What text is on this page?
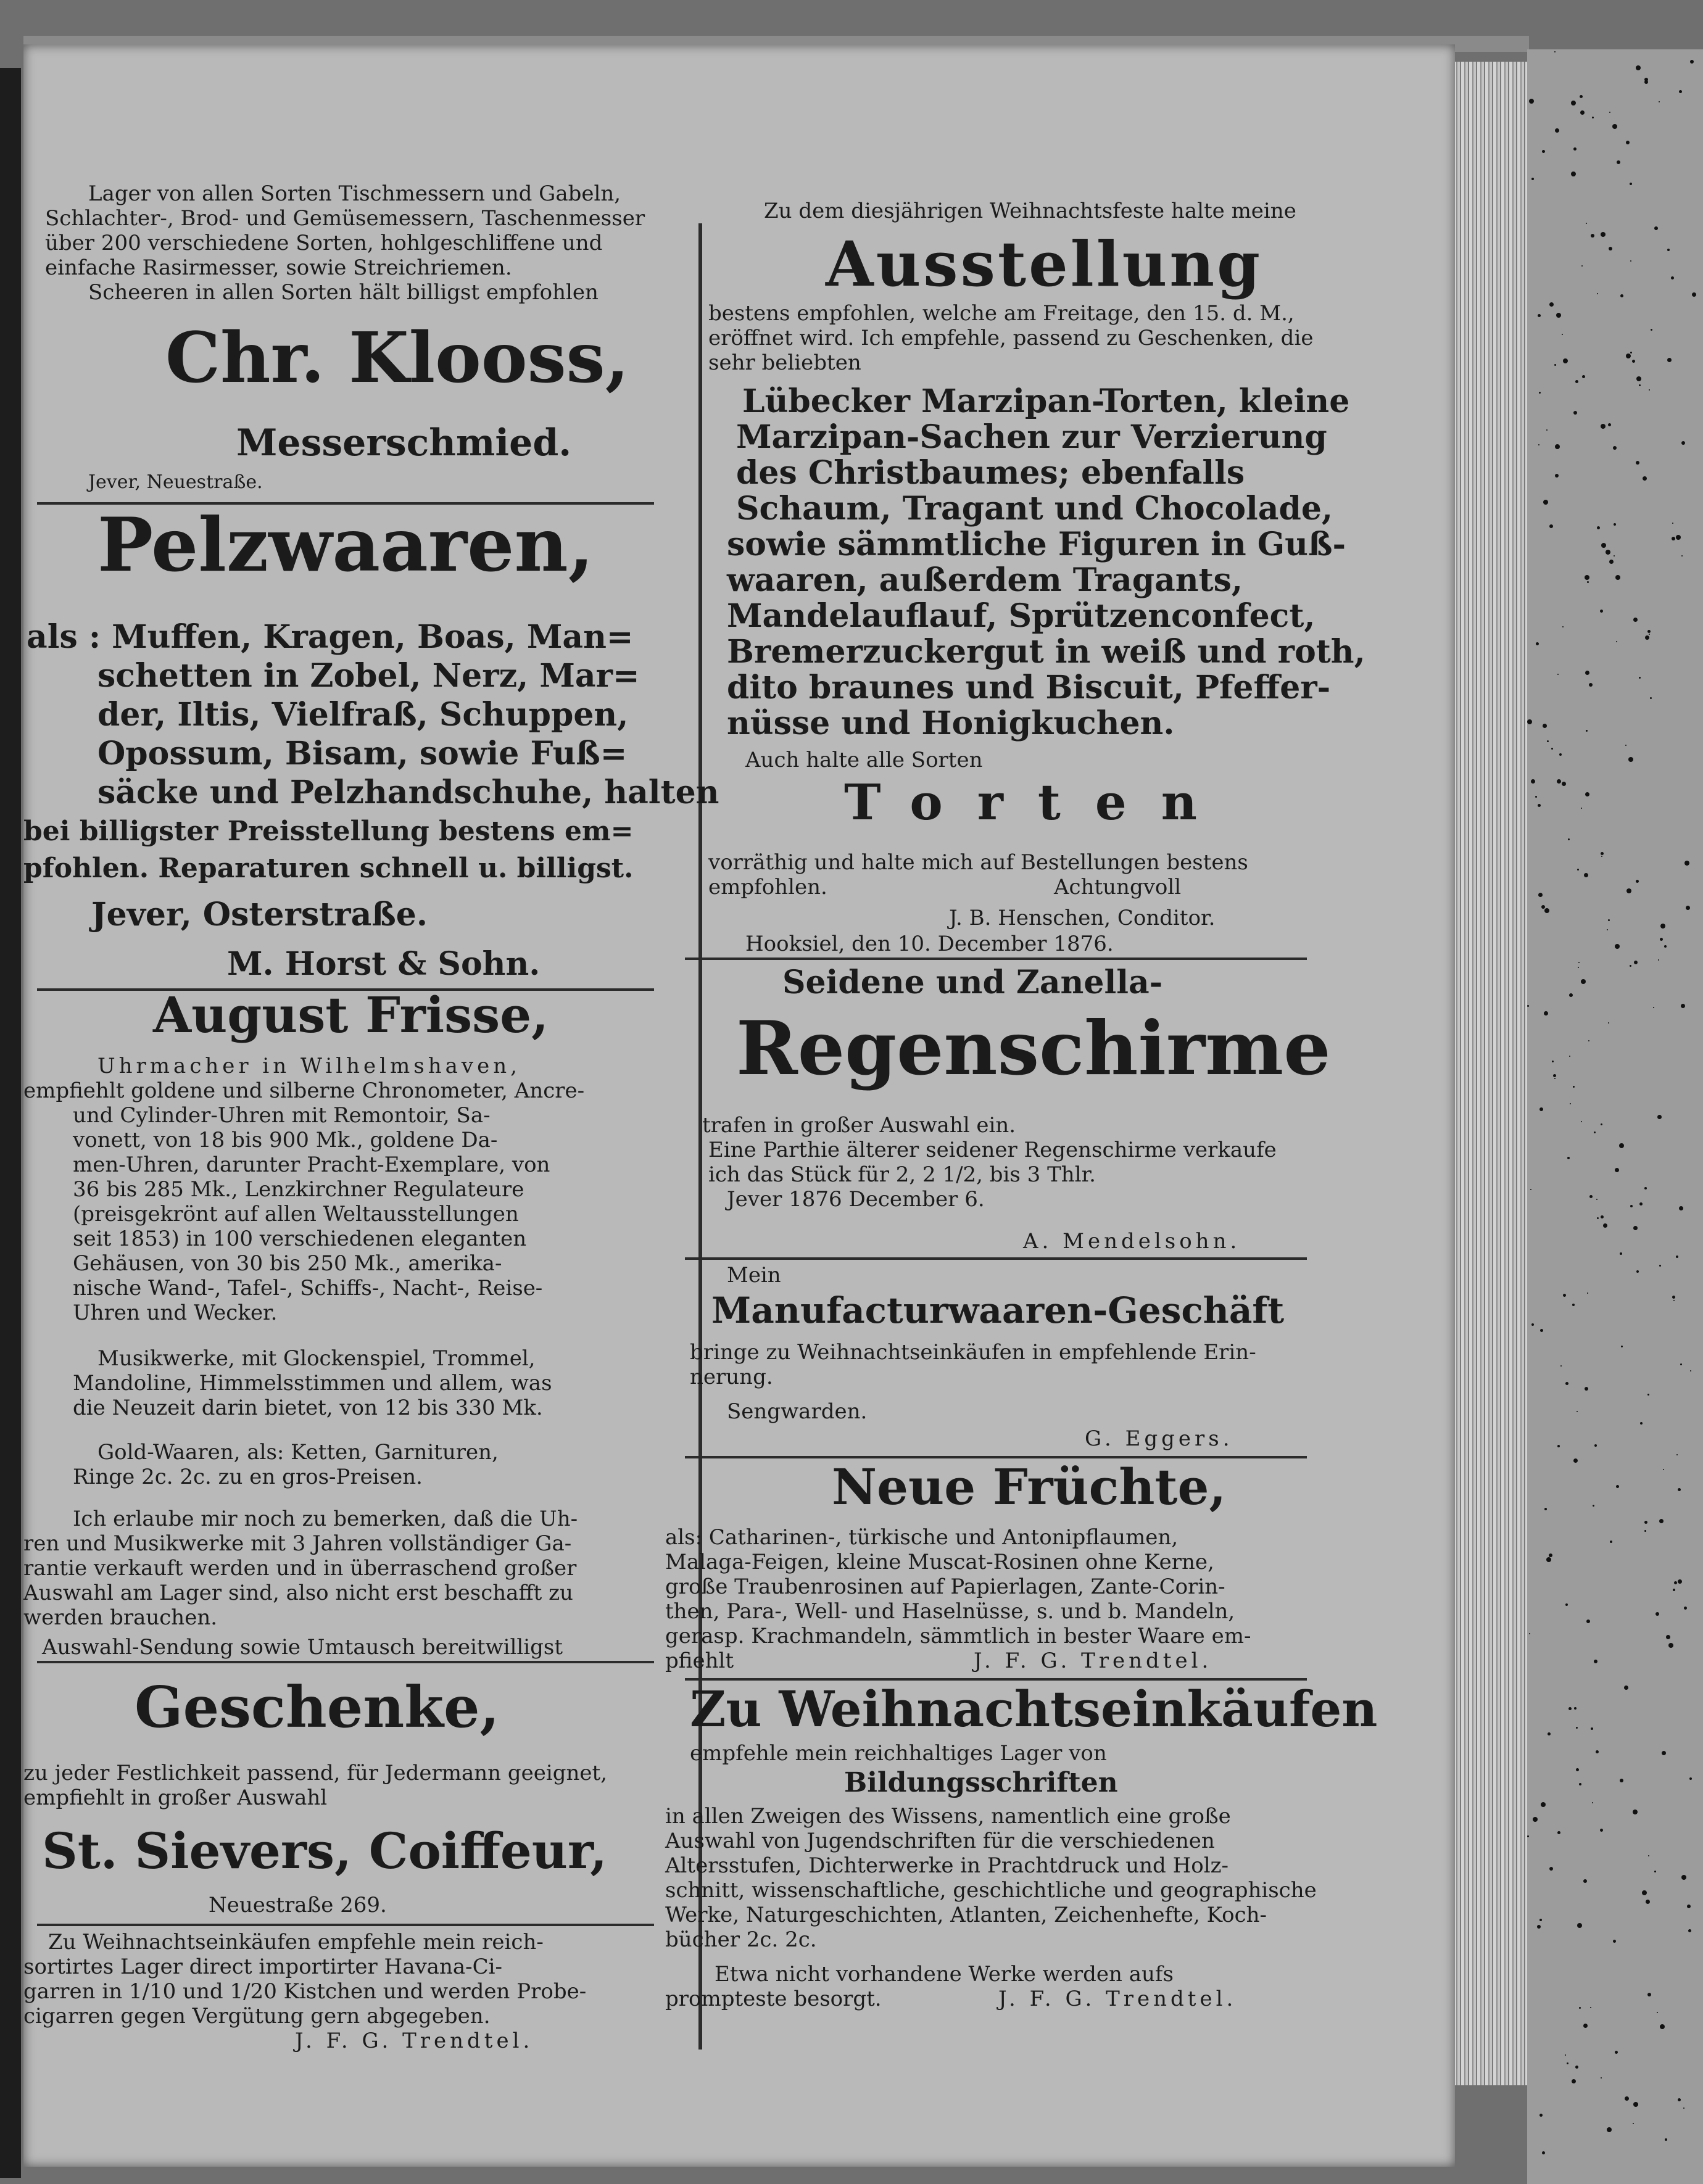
Lager von allen Sorten Tischmessern und Gabeln,

Schlachter-, Brod- und Gemüsemessern, Taschenmesser

über 200 verschiedene Sorten, hohlgeschliffene und

einfache Rasirmesser, sowie Streichriemen.

Scheeren in allen Sorten hält billigst empfohlen

Chr. Klooss,

Messerschmied.

Jever, Neuestraße.

Pelzwaaren,

als : Muffen, Kragen, Boas, Man=

schetten in Zobel, Nerz, Mar=

der, Iltis, Vielfraß, Schuppen,

Opossum, Bisam, sowie Fuß=

säcke und Pelzhandschuhe, halten

bei billigster Preisstellung bestens em=

pfohlen. Reparaturen schnell u. billigst.

Jever, Osterstraße.

M. Horst & Sohn.

August Frisse,

Uhrmacher in Wilhelmshaven,

empfiehlt goldene und silberne Chronometer, Ancre-

und Cylinder-Uhren mit Remontoir, Sa-

vonett, von 18 bis 900 Mk., goldene Da-

men-Uhren, darunter Pracht-Exemplare, von

36 bis 285 Mk., Lenzkirchner Regulateure

(preisgekrönt auf allen Weltausstellungen

seit 1853) in 100 verschiedenen eleganten

Gehäusen, von 30 bis 250 Mk., amerika-

nische Wand-, Tafel-, Schiffs-, Nacht-, Reise-

Uhren und Wecker.

Musikwerke, mit Glockenspiel, Trommel,

Mandoline, Himmelsstimmen und allem, was

die Neuzeit darin bietet, von 12 bis 330 Mk.

Gold-Waaren, als: Ketten, Garnituren,

Ringe 2c. 2c. zu en gros-Preisen.

Ich erlaube mir noch zu bemerken, daß die Uh-

ren und Musikwerke mit 3 Jahren vollständiger Ga-

rantie verkauft werden und in überraschend großer

Auswahl am Lager sind, also nicht erst beschafft zu

werden brauchen.

Auswahl-Sendung sowie Umtausch bereitwilligst

Geschenke,

zu jeder Festlichkeit passend, für Jedermann geeignet,

empfiehlt in großer Auswahl

St. Sievers, Coiffeur,

Neuestraße 269.

Zu Weihnachtseinkäufen empfehle mein reich-

sortirtes Lager direct importirter Havana-Ci-

garren in 1/10 und 1/20 Kistchen und werden Probe-

cigarren gegen Vergütung gern abgegeben.

J. F. G. Trendtel.

Zu dem diesjährigen Weihnachtsfeste halte meine

Ausstellung

bestens empfohlen, welche am Freitage, den 15. d. M.,

eröffnet wird. Ich empfehle, passend zu Geschenken, die

sehr beliebten

Lübecker Marzipan-Torten, kleine

Marzipan-Sachen zur Verzierung

des Christbaumes; ebenfalls

Schaum, Tragant und Chocolade,

sowie sämmtliche Figuren in Guß-

waaren, außerdem Tragants,

Mandelauflauf, Sprützenconfect,

Bremerzuckergut in weiß und roth,

dito braunes und Biscuit, Pfeffer-

nüsse und Honigkuchen.

Auch halte alle Sorten

Torten

vorräthig und halte mich auf Bestellungen bestens

empfohlen.	Achtungvoll

J. B. Henschen, Conditor.

Hooksiel, den 10. December 1876.

Seidene und Zanella-

Regenschirme

trafen in großer Auswahl ein.

Eine Parthie älterer seidener Regenschirme verkaufe

ich das Stück für 2, 2 1/2, bis 3 Thlr.

Jever 1876 December 6.

A. Mendelsohn.

Mein

Manufacturwaaren-Geschäft

bringe zu Weihnachtseinkäufen in empfehlende Erin-

nerung.

Sengwarden.

G. Eggers.

Neue Früchte,

als: Catharinen-, türkische und Antonipflaumen,

Malaga-Feigen, kleine Muscat-Rosinen ohne Kerne,

große Traubenrosinen auf Papierlagen, Zante-Corin-

then, Para-, Well- und Haselnüsse, s. und b. Mandeln,

gerasp. Krachmandeln, sämmtlich in bester Waare em-

pfiehlt	J. F. G. Trendtel.

Zu Weihnachtseinkäufen

empfehle mein reichhaltiges Lager von

Bildungsschriften

in allen Zweigen des Wissens, namentlich eine große

Auswahl von Jugendschriften für die verschiedenen

Altersstufen, Dichterwerke in Prachtdruck und Holz-

schnitt, wissenschaftliche, geschichtliche und geographische

Werke, Naturgeschichten, Atlanten, Zeichenhefte, Koch-

bücher 2c. 2c.

Etwa nicht vorhandene Werke werden aufs

prompteste besorgt.	J. F. G. Trendtel.
